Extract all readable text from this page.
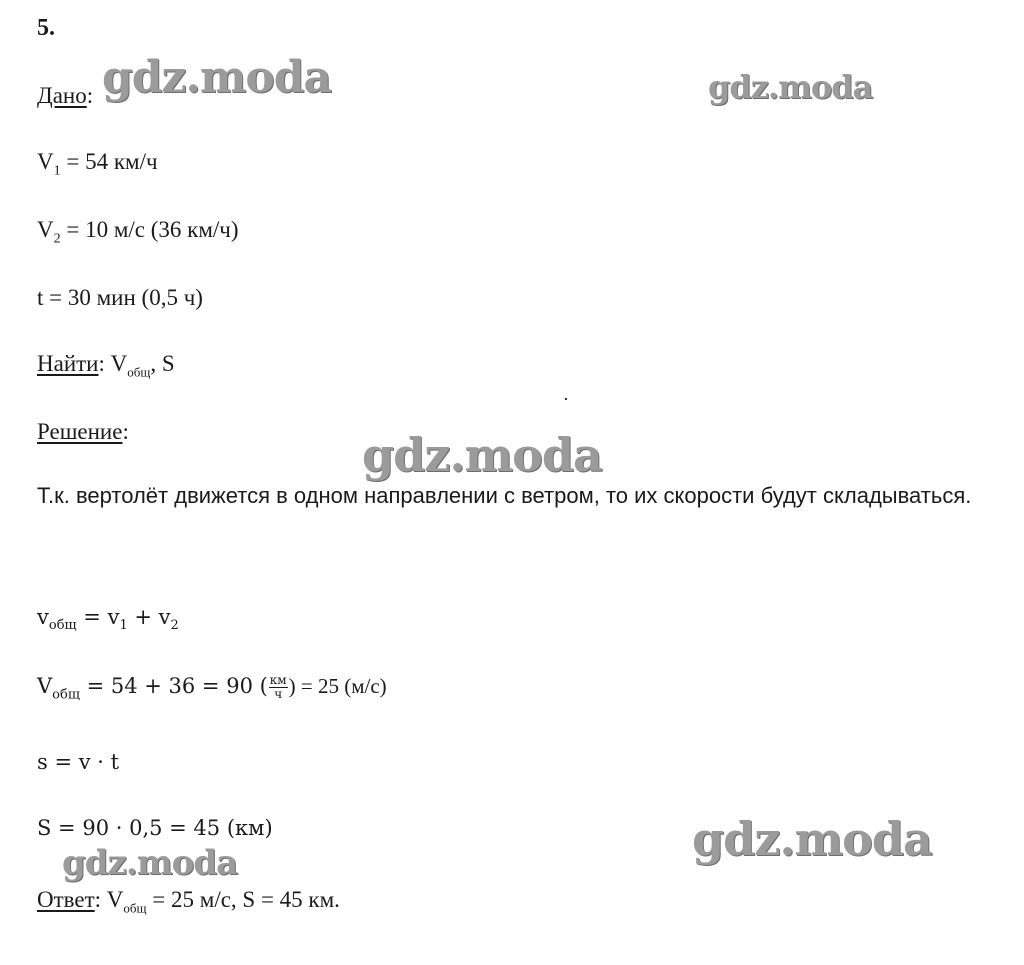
5.
Дано:
$V_1 = 54$ км/ч
$V_2 = 10$ м/с (36 км/ч)
t = 30 мин (0,5 ч)
Найти: $V_{общ}$, S
Решение:
Т.к. вертолёт движется в одном направлении с ветром, то их скорости будут складываться.
$v_{общ} = v_1 + v_2$
$V_{общ} = 54 + 36 = 90$ ( $\frac{км}{ч}$ ) = 25 (м/с)
s = v · t
S = 90 · 0,5 = 45 (км)
Ответ: $V_{общ} = 25$ м/с, S = 45 км.
gdz.moda	gdz.moda
gdz.moda
gdz.moda
gdz.moda
